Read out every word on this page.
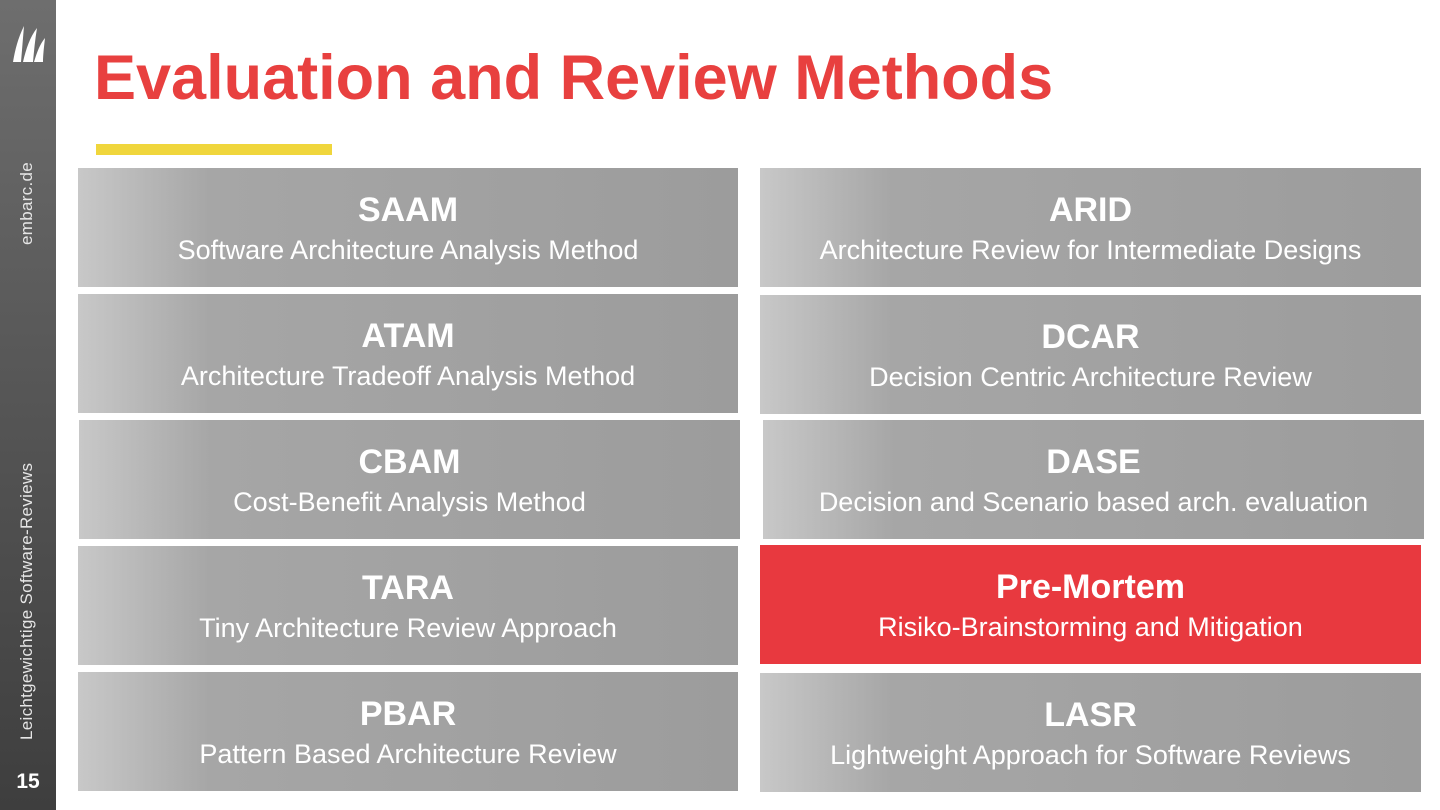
embarc.de
Leichtgewichtige Software-Reviews
15
Evaluation and Review Methods
SAAM
Software Architecture Analysis Method
ATAM
Architecture Tradeoff Analysis Method
CBAM
Cost-Benefit Analysis Method
TARA
Tiny Architecture Review Approach
PBAR
Pattern Based Architecture Review
ARID
Architecture Review for Intermediate Designs
DCAR
Decision Centric Architecture Review
DASE
Decision and Scenario based arch. evaluation
Pre-Mortem
Risiko-Brainstorming and Mitigation
LASR
Lightweight Approach for Software Reviews
